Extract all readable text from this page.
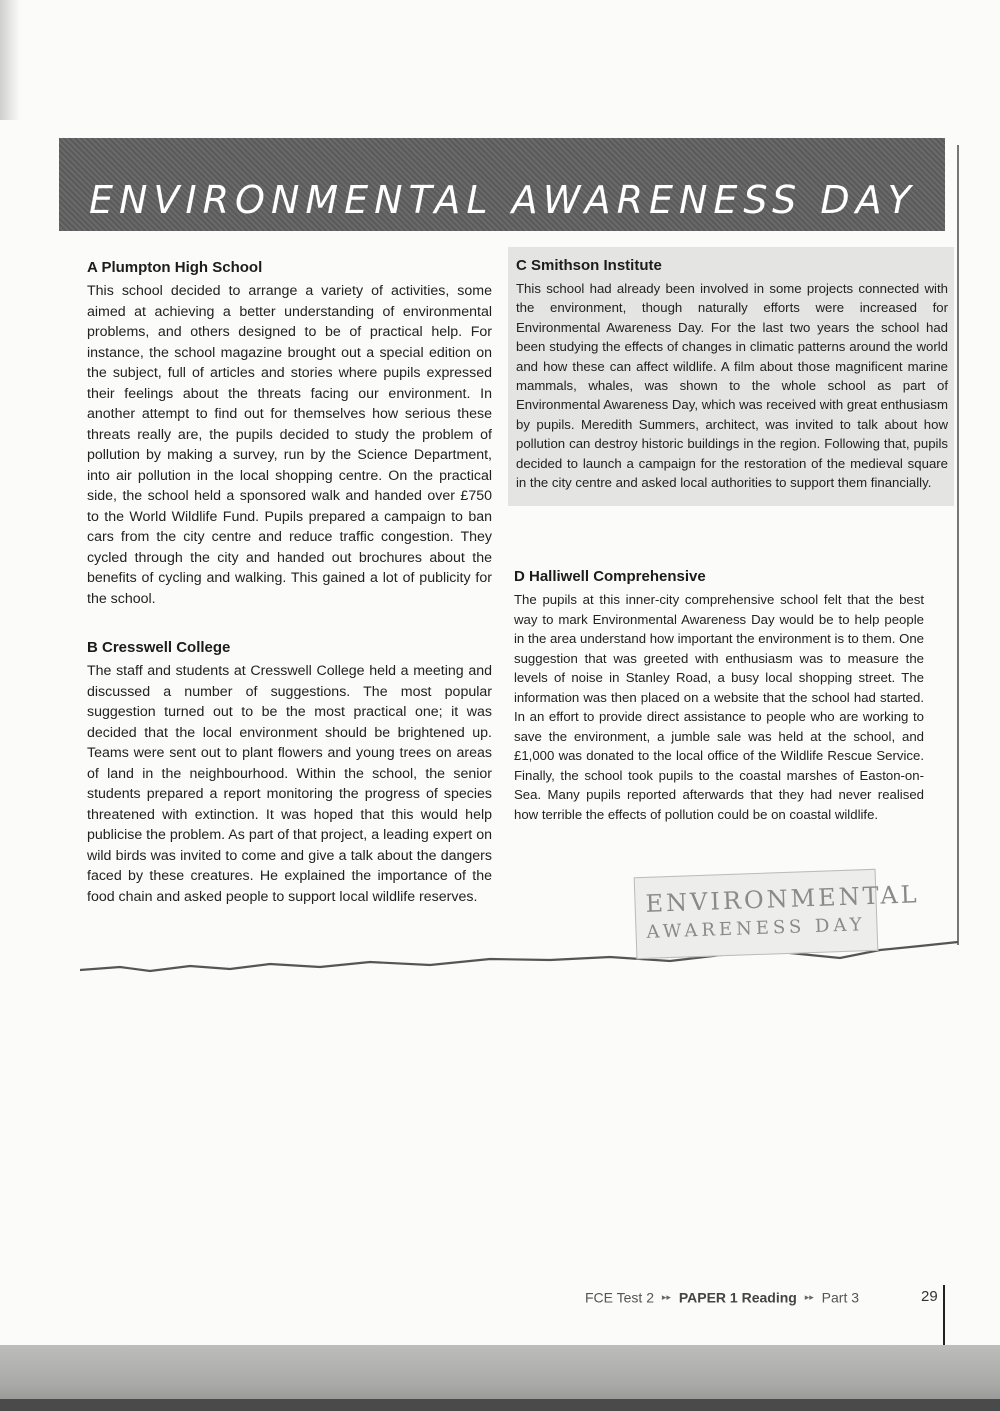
ENVIRONMENTAL AWARENESS DAY
A Plumpton High School

This school decided to arrange a variety of activities, some aimed at achieving a better understanding of environmental problems, and others designed to be of practical help. For instance, the school magazine brought out a special edition on the subject, full of articles and stories where pupils expressed their feelings about the threats facing our environment. In another attempt to find out for themselves how serious these threats really are, the pupils decided to study the problem of pollution by making a survey, run by the Science Department, into air pollution in the local shopping centre. On the practical side, the school held a sponsored walk and handed over £750 to the World Wildlife Fund. Pupils prepared a campaign to ban cars from the city centre and reduce traffic congestion. They cycled through the city and handed out brochures about the benefits of cycling and walking. This gained a lot of publicity for the school.

B Cresswell College

The staff and students at Cresswell College held a meeting and discussed a number of suggestions. The most popular suggestion turned out to be the most practical one; it was decided that the local environment should be brightened up. Teams were sent out to plant flowers and young trees on areas of land in the neighbourhood. Within the school, the senior students prepared a report monitoring the progress of species threatened with extinction. It was hoped that this would help publicise the problem. As part of that project, a leading expert on wild birds was invited to come and give a talk about the dangers faced by these creatures. He explained the importance of the food chain and asked people to support local wildlife reserves.

C Smithson Institute

This school had already been involved in some projects connected with the environment, though naturally efforts were increased for Environmental Awareness Day. For the last two years the school had been studying the effects of changes in climatic patterns around the world and how these can affect wildlife. A film about those magnificent marine mammals, whales, was shown to the whole school as part of Environmental Awareness Day, which was received with great enthusiasm by pupils. Meredith Summers, architect, was invited to talk about how pollution can destroy historic buildings in the region. Following that, pupils decided to launch a campaign for the restoration of the medieval square in the city centre and asked local authorities to support them financially.

D Halliwell Comprehensive

The pupils at this inner-city comprehensive school felt that the best way to mark Environmental Awareness Day would be to help people in the area understand how important the environment is to them. One suggestion that was greeted with enthusiasm was to measure the levels of noise in Stanley Road, a busy local shopping street. The information was then placed on a website that the school had started. In an effort to provide direct assistance to people who are working to save the environment, a jumble sale was held at the school, and £1,000 was donated to the local office of the Wildlife Rescue Service. Finally, the school took pupils to the coastal marshes of Easton-on-Sea. Many pupils reported afterwards that they had never realised how terrible the effects of pollution could be on coastal wildlife.

ENVIRONMENTAL
AWARENESS DAY
FCE Test 2 ▸▸ PAPER 1 Reading ▸▸ Part 3	29
